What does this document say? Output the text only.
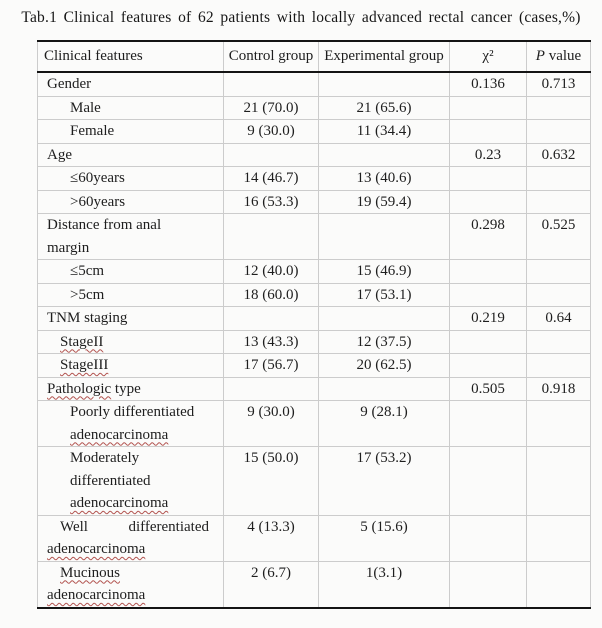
Tab.1 Clinical features of 62 patients with locally advanced rectal cancer (cases,%)
Clinical features	Control group	Experimental group	χ²	P value

Gender			0.136	0.713

Male	21 (70.0)	21 (65.6)		

Female	9 (30.0)	11 (34.4)		

Age			0.23	0.632

≤60years	14 (46.7)	13 (40.6)		

>60years	16 (53.3)	19 (59.4)		

Distance from anal
margin			0.298	0.525

≤5cm	12 (40.0)	15 (46.9)		

>5cm	18 (60.0)	17 (53.1)		

TNM staging			0.219	0.64

StageII	13 (43.3)	12 (37.5)		

StageIII	17 (56.7)	20 (62.5)		

Pathologic type			0.505	0.918

Poorly differentiated
adenocarcinoma	9 (30.0)	9 (28.1)		

Moderately
differentiated
adenocarcinoma	15 (50.0)	17 (53.2)		

Well differentiated
adenocarcinoma	4 (13.3)	5 (15.6)		

Mucinous
adenocarcinoma	2 (6.7)	1(3.1)		
